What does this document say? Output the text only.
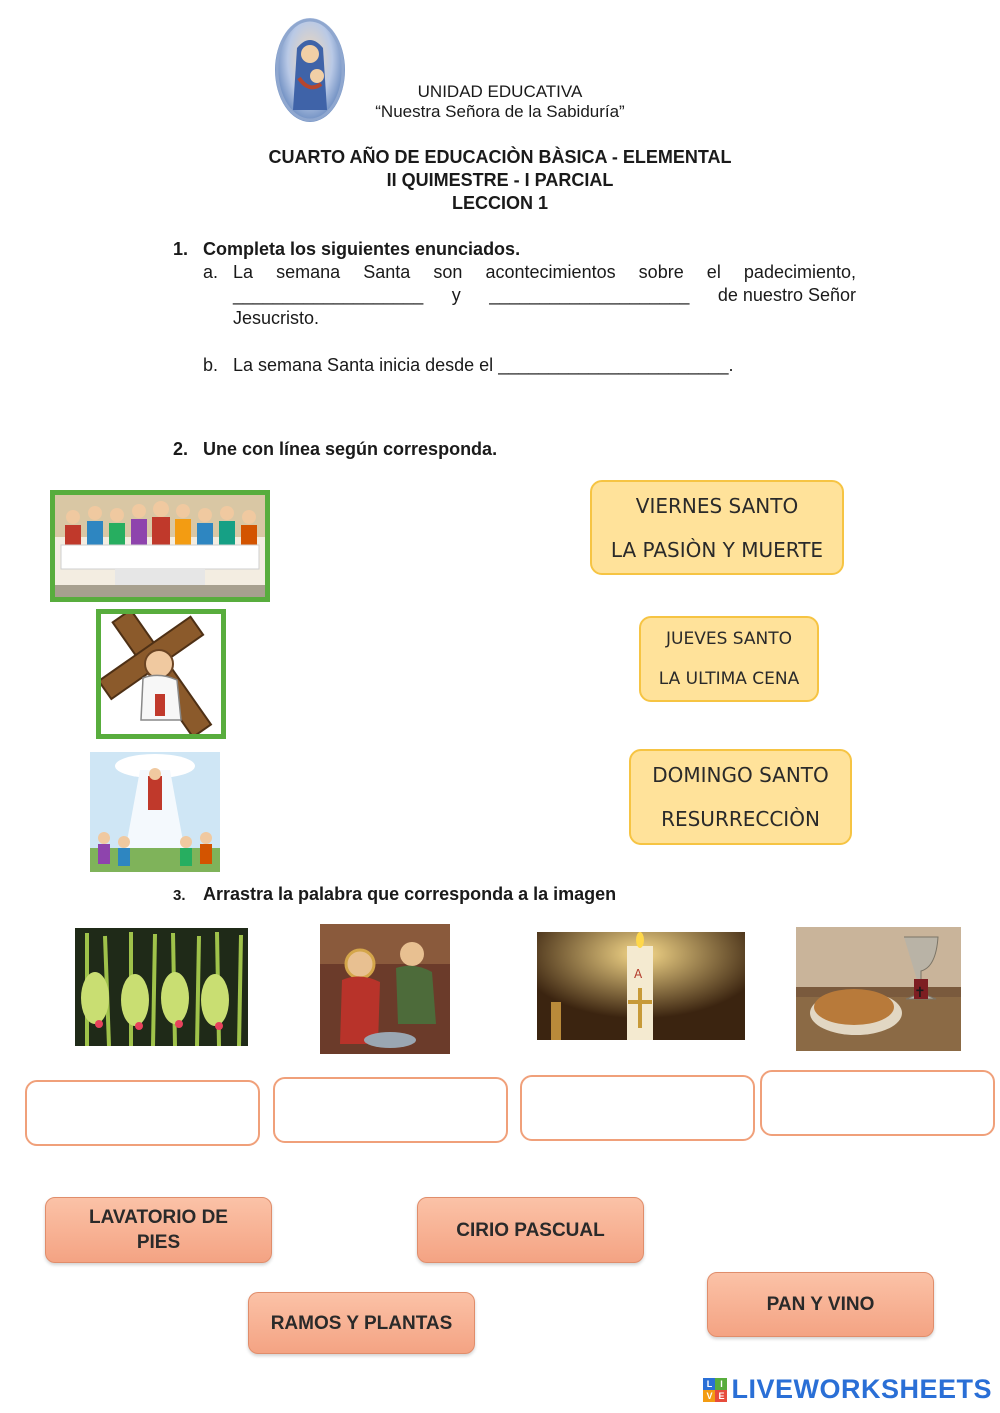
UNIDAD EDUCATIVA
“Nuestra Señora de la Sabiduría”
CUARTO AÑO DE EDUCACIÒN BÀSICA - ELEMENTAL
II QUIMESTRE - I PARCIAL
LECCION 1
1. Completa los siguientes enunciados.
a. La semana Santa son acontecimientos sobre el padecimiento,
___________________ y ____________________ de nuestro Señor
Jesucristo.
b. La semana Santa inicia desde el _______________________.
2. Une con línea según corresponda.
VIERNES SANTO
LA PASIÒN Y MUERTE
JUEVES SANTO
LA ULTIMA CENA
DOMINGO SANTO
RESURRECCIÒN
3. Arrastra la palabra que corresponda a la imagen
A
✝
LAVATORIO DE PIES
CIRIO PASCUAL
RAMOS Y PLANTAS
PAN Y VINO
L I
V E LIVEWORKSHEETS
